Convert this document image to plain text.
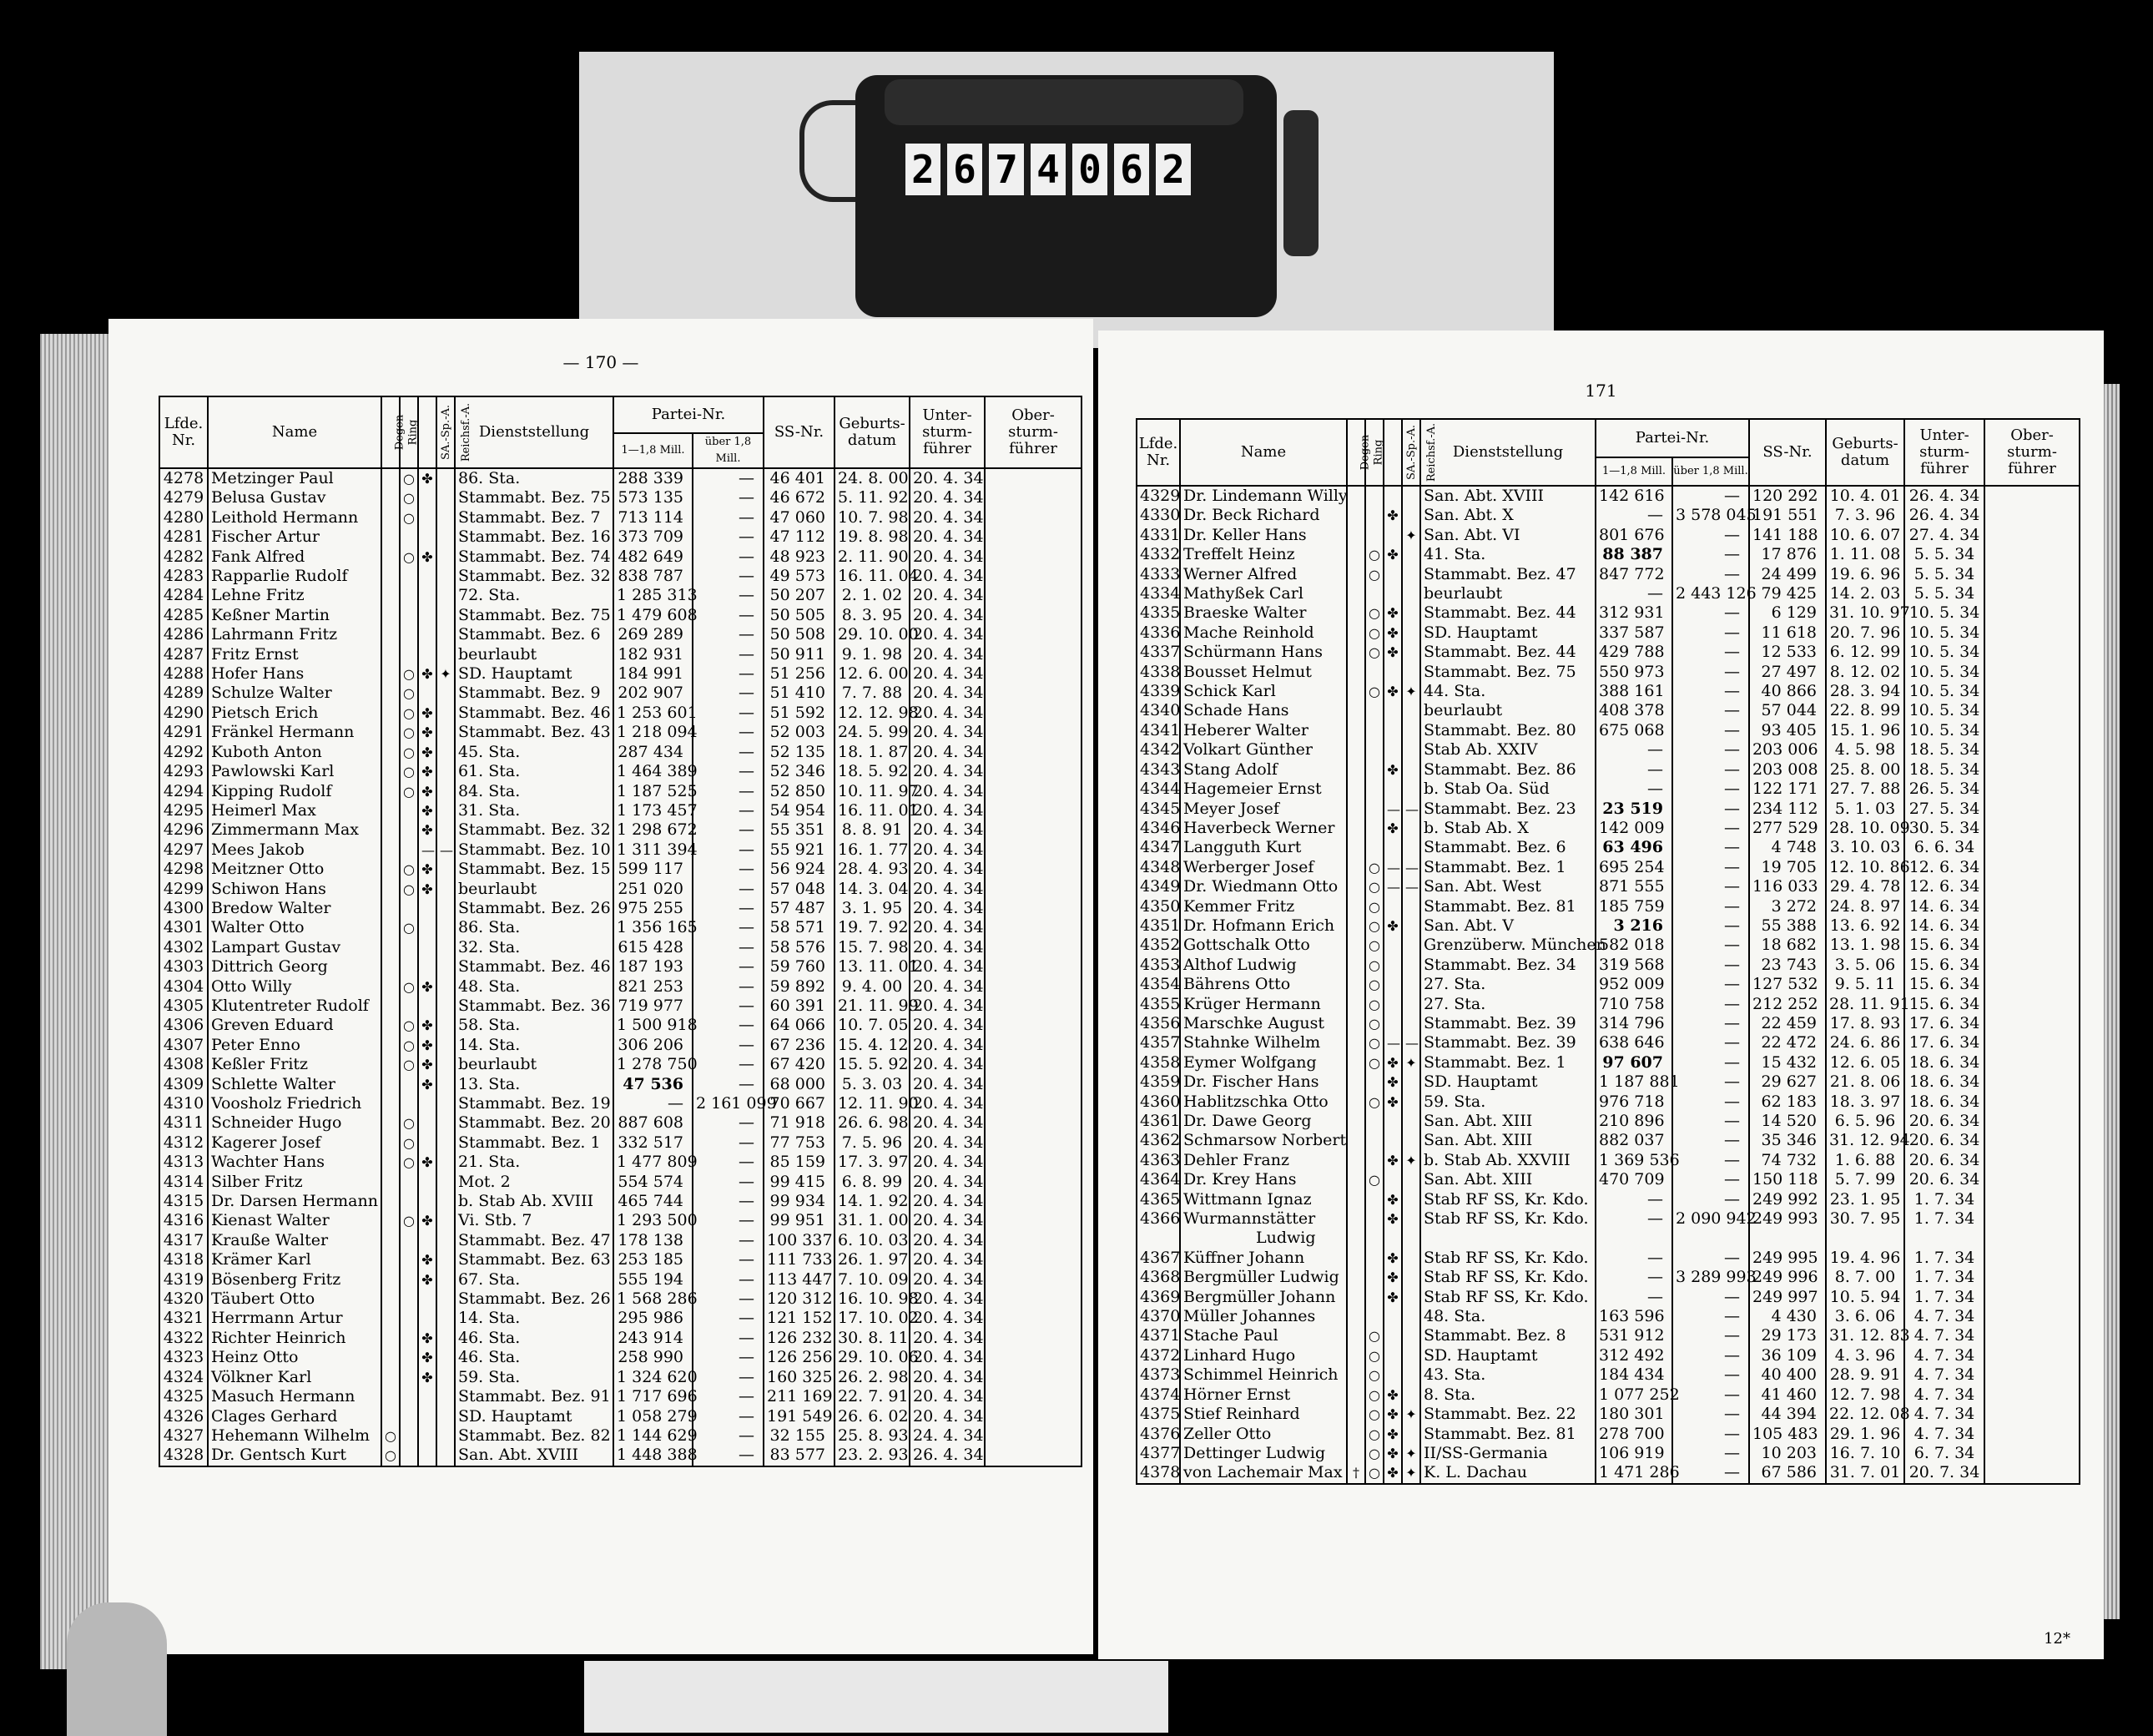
2 6 7 4 0 6 2
— 170 —
Lfde. Nr.	Name	Degen	Ring	SA.-Sp.-A.	Reichsf.-A.	Dienststellung	Partei-Nr.		SS-Nr.	Geburts- datum	Unter- sturm- führer	Ober- sturm- führer
							1—1,8 Mill.	über 1,8 Mill.				
4278	Metzinger Paul		○	✤		86. Sta.	288 339	—	46 401	24. 8. 00	20. 4. 34	
4279	Belusa Gustav		○			Stammabt. Bez. 75	573 135	—	46 672	5. 11. 92	20. 4. 34	
4280	Leithold Hermann		○			Stammabt. Bez. 7	713 114	—	47 060	10. 7. 98	20. 4. 34	
4281	Fischer Artur					Stammabt. Bez. 16	373 709	—	47 112	19. 8. 98	20. 4. 34	
4282	Fank Alfred		○	✤		Stammabt. Bez. 74	482 649	—	48 923	2. 11. 90	20. 4. 34	
4283	Rapparlie Rudolf					Stammabt. Bez. 32	838 787	—	49 573	16. 11. 04	20. 4. 34	
4284	Lehne Fritz					72. Sta.	1 285 313	—	50 207	2. 1. 02	20. 4. 34	
4285	Keßner Martin					Stammabt. Bez. 75	1 479 608	—	50 505	8. 3. 95	20. 4. 34	
4286	Lahrmann Fritz					Stammabt. Bez. 6	269 289	—	50 508	29. 10. 00	20. 4. 34	
4287	Fritz Ernst					beurlaubt	182 931	—	50 911	9. 1. 98	20. 4. 34	
4288	Hofer Hans		○	✤	✦	SD. Hauptamt	184 991	—	51 256	12. 6. 00	20. 4. 34	
4289	Schulze Walter		○			Stammabt. Bez. 9	202 907	—	51 410	7. 7. 88	20. 4. 34	
4290	Pietsch Erich		○	✤		Stammabt. Bez. 46	1 253 601	—	51 592	12. 12. 98	20. 4. 34	
4291	Fränkel Hermann		○	✤		Stammabt. Bez. 43	1 218 094	—	52 003	24. 5. 99	20. 4. 34	
4292	Kuboth Anton		○	✤		45. Sta.	287 434	—	52 135	18. 1. 87	20. 4. 34	
4293	Pawlowski Karl		○	✤		61. Sta.	1 464 389	—	52 346	18. 5. 92	20. 4. 34	
4294	Kipping Rudolf		○	✤		84. Sta.	1 187 525	—	52 850	10. 11. 97	20. 4. 34	
4295	Heimerl Max			✤		31. Sta.	1 173 457	—	54 954	16. 11. 01	20. 4. 34	
4296	Zimmermann Max			✤		Stammabt. Bez. 32	1 298 672	—	55 351	8. 8. 91	20. 4. 34	
4297	Mees Jakob			—	—	Stammabt. Bez. 10	1 311 394	—	55 921	16. 1. 77	20. 4. 34	
4298	Meitzner Otto		○	✤		Stammabt. Bez. 15	599 117	—	56 924	28. 4. 93	20. 4. 34	
4299	Schiwon Hans		○	✤		beurlaubt	251 020	—	57 048	14. 3. 04	20. 4. 34	
4300	Bredow Walter					Stammabt. Bez. 26	975 255	—	57 487	3. 1. 95	20. 4. 34	
4301	Walter Otto		○			86. Sta.	1 356 165	—	58 571	19. 7. 92	20. 4. 34	
4302	Lampart Gustav					32. Sta.	615 428	—	58 576	15. 7. 98	20. 4. 34	
4303	Dittrich Georg					Stammabt. Bez. 46	187 193	—	59 760	13. 11. 01	20. 4. 34	
4304	Otto Willy		○	✤		48. Sta.	821 253	—	59 892	9. 4. 00	20. 4. 34	
4305	Klutentreter Rudolf					Stammabt. Bez. 36	719 977	—	60 391	21. 11. 99	20. 4. 34	
4306	Greven Eduard		○	✤		58. Sta.	1 500 918	—	64 066	10. 7. 05	20. 4. 34	
4307	Peter Enno		○	✤		14. Sta.	306 206	—	67 236	15. 4. 12	20. 4. 34	
4308	Keßler Fritz		○	✤		beurlaubt	1 278 750	—	67 420	15. 5. 92	20. 4. 34	
4309	Schlette Walter			✤		13. Sta.	47 536	—	68 000	5. 3. 03	20. 4. 34	
4310	Voosholz Friedrich					Stammabt. Bez. 19	—	2 161 099	70 667	12. 11. 90	20. 4. 34	
4311	Schneider Hugo		○			Stammabt. Bez. 20	887 608	—	71 918	26. 6. 98	20. 4. 34	
4312	Kagerer Josef		○			Stammabt. Bez. 1	332 517	—	77 753	7. 5. 96	20. 4. 34	
4313	Wachter Hans		○	✤		21. Sta.	1 477 809	—	85 159	17. 3. 97	20. 4. 34	
4314	Silber Fritz					Mot. 2	554 574	—	99 415	6. 8. 99	20. 4. 34	
4315	Dr. Darsen Hermann					b. Stab Ab. XVIII	465 744	—	99 934	14. 1. 92	20. 4. 34	
4316	Kienast Walter		○	✤		Vi. Stb. 7	1 293 500	—	99 951	31. 1. 00	20. 4. 34	
4317	Kraußе Walter					Stammabt. Bez. 47	178 138	—	100 337	6. 10. 03	20. 4. 34	
4318	Krämer Karl			✤		Stammabt. Bez. 63	253 185	—	111 733	26. 1. 97	20. 4. 34	
4319	Bösenberg Fritz			✤		67. Sta.	555 194	—	113 447	7. 10. 09	20. 4. 34	
4320	Täubert Otto					Stammabt. Bez. 26	1 568 286	—	120 312	16. 10. 98	20. 4. 34	
4321	Herrmann Artur					14. Sta.	295 986	—	121 152	17. 10. 02	20. 4. 34	
4322	Richter Heinrich			✤		46. Sta.	243 914	—	126 232	30. 8. 11	20. 4. 34	
4323	Heinz Otto			✤		46. Sta.	258 990	—	126 256	29. 10. 06	20. 4. 34	
4324	Völkner Karl			✤		59. Sta.	1 324 620	—	160 325	26. 2. 98	20. 4. 34	
4325	Masuch Hermann					Stammabt. Bez. 91	1 717 696	—	211 169	22. 7. 91	20. 4. 34	
4326	Clages Gerhard					SD. Hauptamt	1 058 279	—	191 549	26. 6. 02	20. 4. 34	
4327	Hehemann Wilhelm	○				Stammabt. Bez. 82	1 144 629	—	32 155	25. 8. 93	24. 4. 34	
4328	Dr. Gentsch Kurt	○				San. Abt. XVIII	1 448 388	—	83 577	23. 2. 93	26. 4. 34	
171
Lfde. Nr.	Name	Degen	Ring	SA.-Sp.-A.	Reichsf.-A.	Dienststellung	Partei-Nr.		SS-Nr.	Geburts- datum	Unter- sturm- führer	Ober- sturm- führer
							1—1,8 Mill.	über 1,8 Mill.				
4329	Dr. Lindemann Willy					San. Abt. XVIII	142 616	—	120 292	10. 4. 01	26. 4. 34	
4330	Dr. Beck Richard			✤		San. Abt. X	—	3 578 045	191 551	7. 3. 96	26. 4. 34	
4331	Dr. Keller Hans				✦	San. Abt. VI	801 676	—	141 188	10. 6. 07	27. 4. 34	
4332	Treffelt Heinz		○	✤		41. Sta.	88 387	—	17 876	1. 11. 08	5. 5. 34	
4333	Werner Alfred		○			Stammabt. Bez. 47	847 772	—	24 499	19. 6. 96	5. 5. 34	
4334	Mathyßek Carl					beurlaubt	—	2 443 126	79 425	14. 2. 03	5. 5. 34	
4335	Braeske Walter		○	✤		Stammabt. Bez. 44	312 931	—	6 129	31. 10. 97	10. 5. 34	
4336	Mache Reinhold		○	✤		SD. Hauptamt	337 587	—	11 618	20. 7. 96	10. 5. 34	
4337	Schürmann Hans		○	✤		Stammabt. Bez. 44	429 788	—	12 533	6. 12. 99	10. 5. 34	
4338	Bousset Helmut					Stammabt. Bez. 75	550 973	—	27 497	8. 12. 02	10. 5. 34	
4339	Schick Karl		○	✤	✦	44. Sta.	388 161	—	40 866	28. 3. 94	10. 5. 34	
4340	Schade Hans					beurlaubt	408 378	—	57 044	22. 8. 99	10. 5. 34	
4341	Heberer Walter					Stammabt. Bez. 80	675 068	—	93 405	15. 1. 96	10. 5. 34	
4342	Volkart Günther					Stab Ab. XXIV	—	—	203 006	4. 5. 98	18. 5. 34	
4343	Stang Adolf			✤		Stammabt. Bez. 86	—	—	203 008	25. 8. 00	18. 5. 34	
4344	Hagemeier Ernst					b. Stab Oa. Süd	—	—	122 171	27. 7. 88	26. 5. 34	
4345	Meyer Josef			—	—	Stammabt. Bez. 23	23 519	—	234 112	5. 1. 03	27. 5. 34	
4346	Haverbeck Werner			✤		b. Stab Ab. X	142 009	—	277 529	28. 10. 09	30. 5. 34	
4347	Langguth Kurt					Stammabt. Bez. 6	63 496	—	4 748	3. 10. 03	6. 6. 34	
4348	Werberger Josef		○	—	—	Stammabt. Bez. 1	695 254	—	19 705	12. 10. 86	12. 6. 34	
4349	Dr. Wiedmann Otto		○	—	—	San. Abt. West	871 555	—	116 033	29. 4. 78	12. 6. 34	
4350	Kemmer Fritz		○			Stammabt. Bez. 81	185 759	—	3 272	24. 8. 97	14. 6. 34	
4351	Dr. Hofmann Erich		○	✤		San. Abt. V	3 216	—	55 388	13. 6. 92	14. 6. 34	
4352	Gottschalk Otto		○			Grenzüberw. München	582 018	—	18 682	13. 1. 98	15. 6. 34	
4353	Althof Ludwig		○			Stammabt. Bez. 34	319 568	—	23 743	3. 5. 06	15. 6. 34	
4354	Bährens Otto		○			27. Sta.	952 009	—	127 532	9. 5. 11	15. 6. 34	
4355	Krüger Hermann		○			27. Sta.	710 758	—	212 252	28. 11. 91	15. 6. 34	
4356	Marschke August		○			Stammabt. Bez. 39	314 796	—	22 459	17. 8. 93	17. 6. 34	
4357	Stahnke Wilhelm		○	—	—	Stammabt. Bez. 39	638 646	—	22 472	24. 6. 86	17. 6. 34	
4358	Eymer Wolfgang		○	✤	✦	Stammabt. Bez. 1	97 607	—	15 432	12. 6. 05	18. 6. 34	
4359	Dr. Fischer Hans			✤		SD. Hauptamt	1 187 881	—	29 627	21. 8. 06	18. 6. 34	
4360	Hablitzschka Otto		○	✤		59. Sta.	976 718	—	62 183	18. 3. 97	18. 6. 34	
4361	Dr. Dawe Georg					San. Abt. XIII	210 896	—	14 520	6. 5. 96	20. 6. 34	
4362	Schmarsow Norbert					San. Abt. XIII	882 037	—	35 346	31. 12. 94	20. 6. 34	
4363	Dehler Franz			✤	✦	b. Stab Ab. XXVIII	1 369 536	—	74 732	1. 6. 88	20. 6. 34	
4364	Dr. Krey Hans		○			San. Abt. XIII	470 709	—	150 118	5. 7. 99	20. 6. 34	
4365	Wittmann Ignaz			✤		Stab RF SS, Kr. Kdo.	—	—	249 992	23. 1. 95	1. 7. 34	
4366	Wurmannstätter			✤		Stab RF SS, Kr. Kdo.	—	2 090 942	249 993	30. 7. 95	1. 7. 34	
	Ludwig											
4367	Küffner Johann			✤		Stab RF SS, Kr. Kdo.	—	—	249 995	19. 4. 96	1. 7. 34	
4368	Bergmüller Ludwig			✤		Stab RF SS, Kr. Kdo.	—	3 289 993	249 996	8. 7. 00	1. 7. 34	
4369	Bergmüller Johann			✤		Stab RF SS, Kr. Kdo.	—	—	249 997	10. 5. 94	1. 7. 34	
4370	Müller Johannes					48. Sta.	163 596	—	4 430	3. 6. 06	4. 7. 34	
4371	Stache Paul		○			Stammabt. Bez. 8	531 912	—	29 173	31. 12. 83	4. 7. 34	
4372	Linhard Hugo		○			SD. Hauptamt	312 492	—	36 109	4. 3. 96	4. 7. 34	
4373	Schimmel Heinrich		○			43. Sta.	184 434	—	40 400	28. 9. 91	4. 7. 34	
4374	Hörner Ernst		○	✤		8. Sta.	1 077 252	—	41 460	12. 7. 98	4. 7. 34	
4375	Stief Reinhard		○	✤	✦	Stammabt. Bez. 22	180 301	—	44 394	22. 12. 08	4. 7. 34	
4376	Zeller Otto		○	✤		Stammabt. Bez. 81	278 700	—	105 483	29. 1. 96	4. 7. 34	
4377	Dettinger Ludwig		○	✤	✦	II/SS-Germania	106 919	—	10 203	16. 7. 10	6. 7. 34	
4378	von Lachemair Max	†	○	✤	✦	K. L. Dachau	1 471 286	—	67 586	31. 7. 01	20. 7. 34	
12*
